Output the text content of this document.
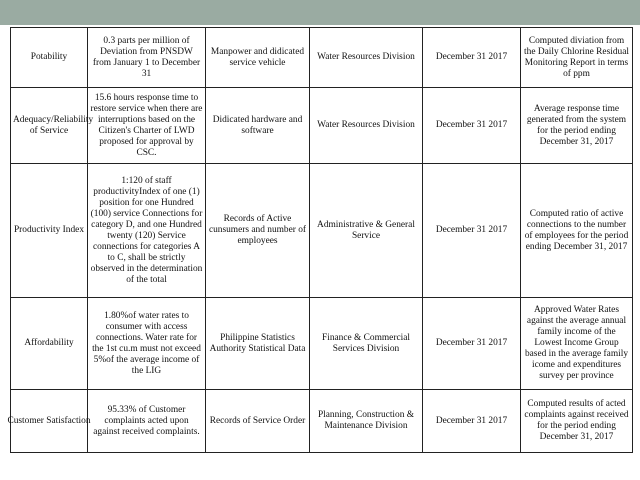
Potability	0.3 parts per million of Deviation from PNSDW from January 1 to December 31	Manpower and didicated service vehicle	Water Resources Division	December 31 2017	Computed diviation from the Daily Chlorine Residual Monitoring Report in terms of ppm
Adequacy/Reliability of Service	15.6 hours response time to restore service when there are interruptions based on the Citizen's Charter of LWD proposed for approval by CSC.	Didicated hardware and software	Water Resources Division	December 31 2017	Average response time generated from the system for the period ending December 31, 2017

Productivity Index	1:120 of staff productivityIndex of one (1) position for one Hundred (100) service Connections for category D, and one Hundred twenty (120) Service connections for categories A to C, shall be strictly observed in the determination of the total	Records of Active cunsumers and number of employees	Administrative & General Service	December 31 2017	Computed ratio of active connections to the number of employees for the period ending December 31, 2017

Affordability	1.80%of water rates to consumer with access connections. Water rate for the 1st cu.m must not exceed 5%of the average income of the LIG	Philippine Statistics Authority Statistical Data	Finance & Commercial Services Division	December 31 2017	Approved Water Rates against the average annual family income of the Lowest Income Group based in the average family icome and expenditures survey per province

Customer Satisfaction	95.33% of Customer complaints acted upon against received complaints.	Records of Service Order	Planning, Construction & Maintenance Division	December 31 2017	Computed results of acted complaints against received for the period ending December 31, 2017
